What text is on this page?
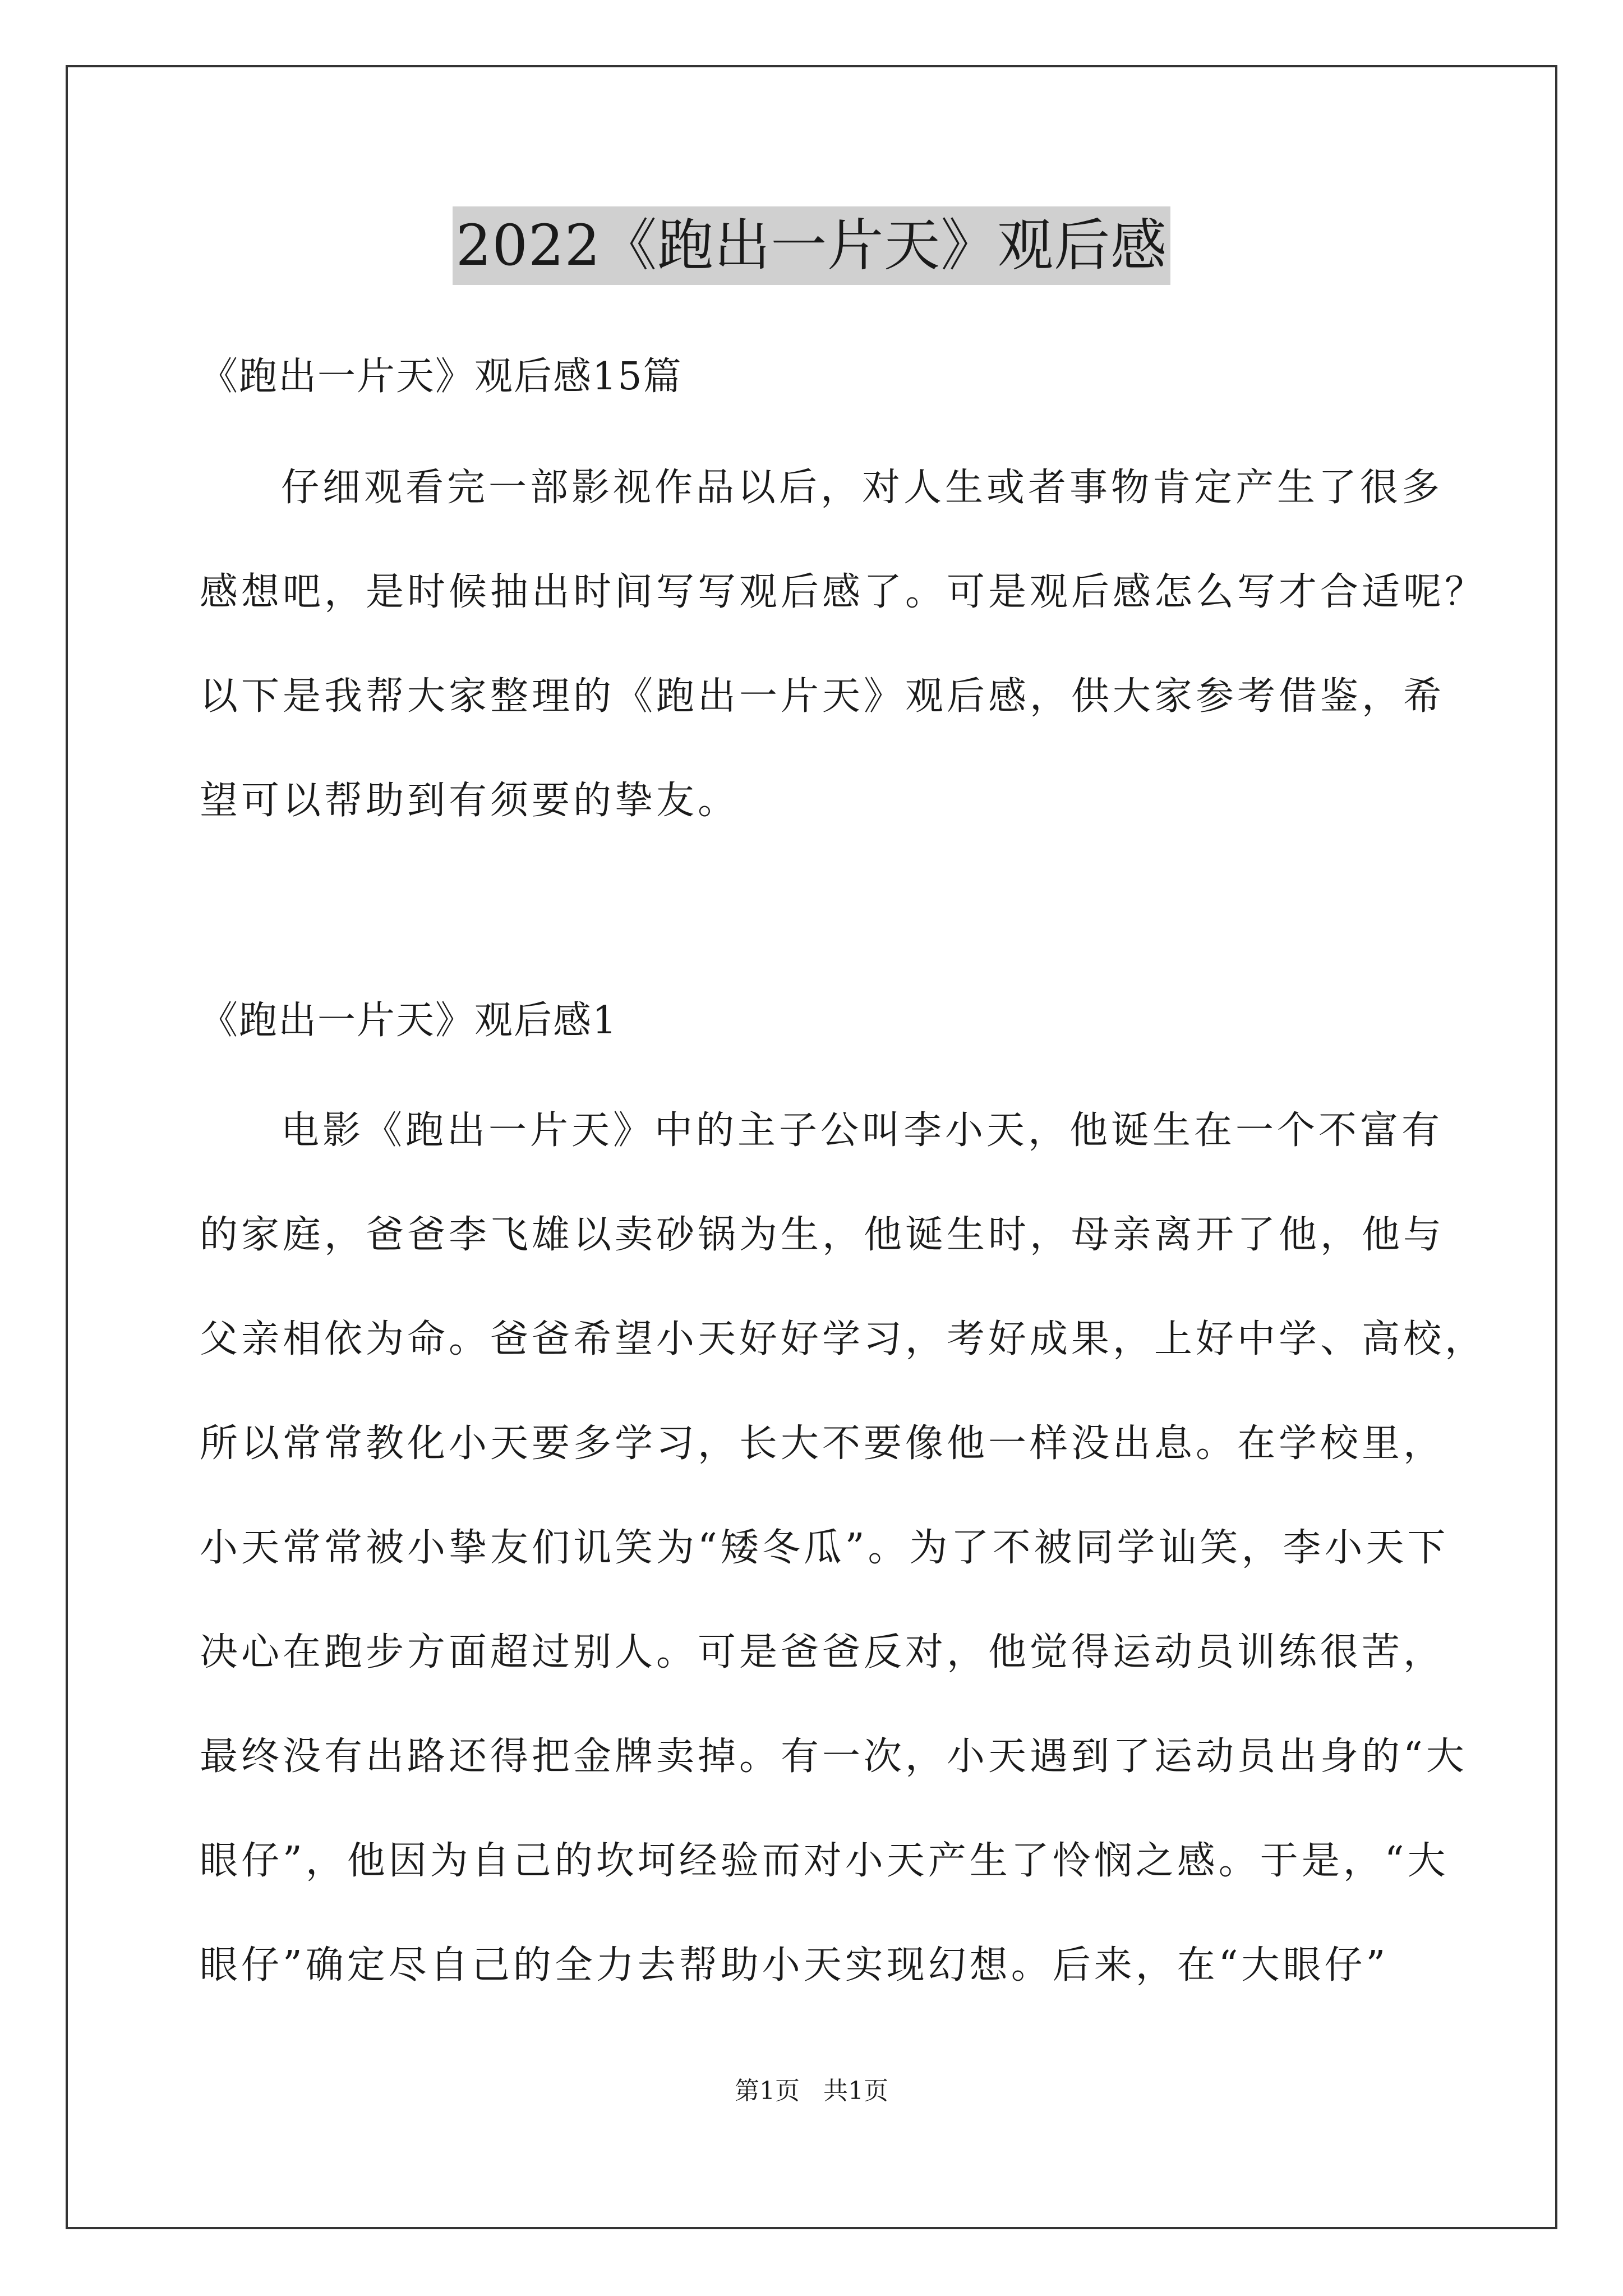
2022《跑出一片天》观后感
《跑出一片天》观后感15篇
仔细观看完一部影视作品以后，对人生或者事物肯定产生了很多
感想吧，是时候抽出时间写写观后感了。可是观后感怎么写才合适呢？
以下是我帮大家整理的《跑出一片天》观后感，供大家参考借鉴，希
望可以帮助到有须要的挚友。
《跑出一片天》观后感1
电影《跑出一片天》中的主子公叫李小天，他诞生在一个不富有
的家庭，爸爸李飞雄以卖砂锅为生，他诞生时，母亲离开了他，他与
父亲相依为命。爸爸希望小天好好学习，考好成果，上好中学、高校，
所以常常教化小天要多学习，长大不要像他一样没出息。在学校里，
小天常常被小挚友们讥笑为“矮冬瓜”。为了不被同学讪笑，李小天下
决心在跑步方面超过别人。可是爸爸反对，他觉得运动员训练很苦，
最终没有出路还得把金牌卖掉。有一次，小天遇到了运动员出身的“大
眼仔”，他因为自己的坎坷经验而对小天产生了怜悯之感。于是，“大
眼仔”确定尽自己的全力去帮助小天实现幻想。后来，在“大眼仔”
第1页   共1页
